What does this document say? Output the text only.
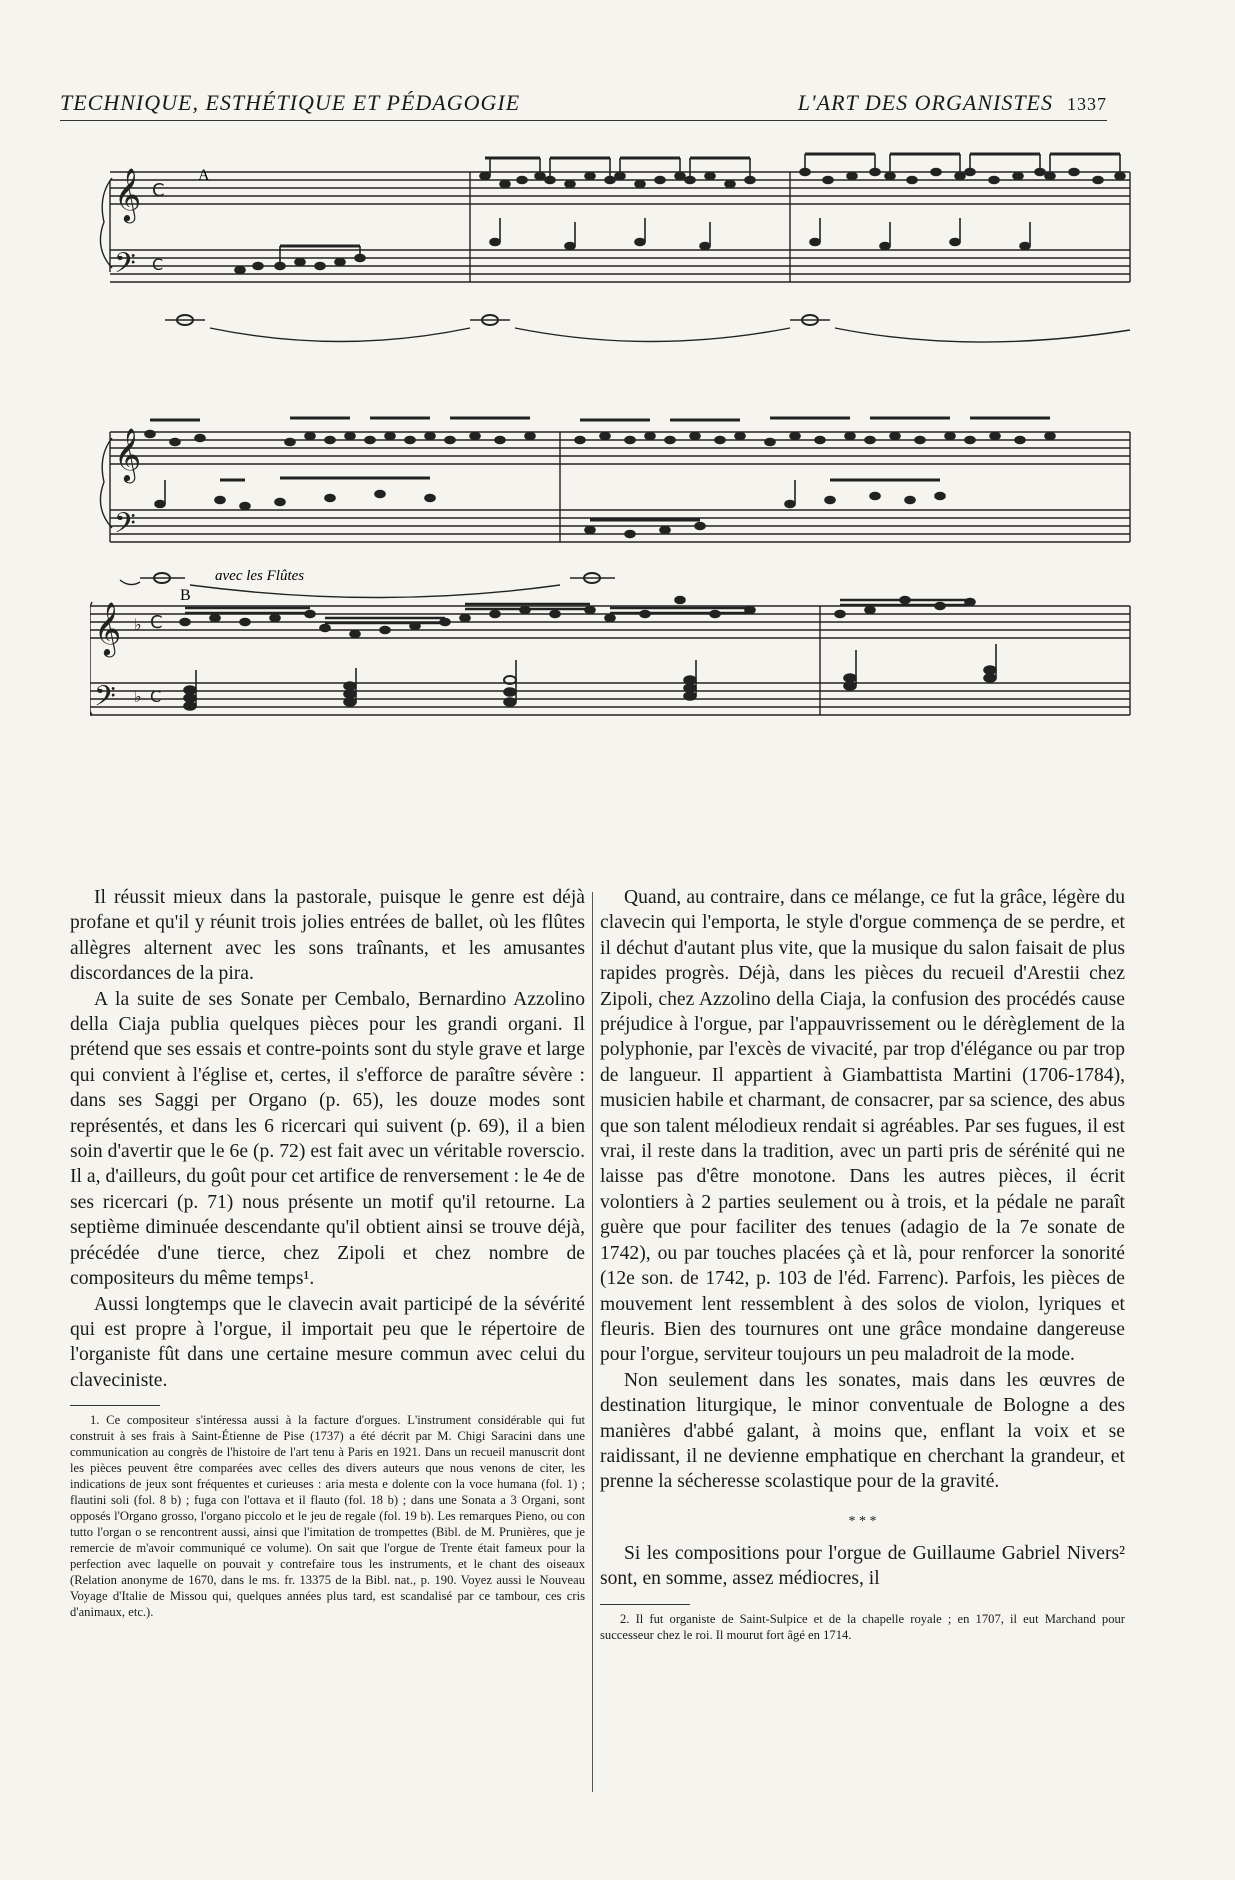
TECHNIQUE, ESTHÉTIQUE ET PÉDAGOGIE	L'ART DES ORGANISTES 1337
𝄞
𝄢
𝄞
𝄢
𝄞
𝄢
C
C
♭
♭
C
C
A
B
avec les Flûtes

Il réussit mieux dans la pastorale, puisque le genre est déjà profane et qu'il y réunit trois jolies entrées de ballet, où les flûtes allègres alternent avec les sons traînants, et les amusantes discordances de la pira.

A la suite de ses Sonate per Cembalo, Bernardino Azzolino della Ciaja publia quelques pièces pour les grandi organi. Il prétend que ses essais et contre-points sont du style grave et large qui convient à l'église et, certes, il s'efforce de paraître sévère : dans ses Saggi per Organo (p. 65), les douze modes sont représentés, et dans les 6 ricercari qui suivent (p. 69), il a bien soin d'avertir que le 6e (p. 72) est fait avec un véritable roverscio. Il a, d'ailleurs, du goût pour cet artifice de renversement : le 4e de ses ricercari (p. 71) nous présente un motif qu'il retourne. La septième diminuée descendante qu'il obtient ainsi se trouve déjà, précédée d'une tierce, chez Zipoli et chez nombre de compositeurs du même temps¹.

Aussi longtemps que le clavecin avait participé de la sévérité qui est propre à l'orgue, il importait peu que le répertoire de l'organiste fût dans une certaine mesure commun avec celui du claveciniste.

1. Ce compositeur s'intéressa aussi à la facture d'orgues. L'instrument considérable qui fut construit à ses frais à Saint-Étienne de Pise (1737) a été décrit par M. Chigi Saracini dans une communication au congrès de l'histoire de l'art tenu à Paris en 1921. Dans un recueil manuscrit dont les pièces peuvent être comparées avec celles des divers auteurs que nous venons de citer, les indications de jeux sont fréquentes et curieuses : aria mesta e dolente con la voce humana (fol. 1) ; flautini soli (fol. 8 b) ; fuga con l'ottava et il flauto (fol. 18 b) ; dans une Sonata a 3 Organi, sont opposés l'Organo grosso, l'organo piccolo et le jeu de regale (fol. 19 b). Les remarques Pieno, ou con tutto l'organ o se rencontrent aussi, ainsi que l'imitation de trompettes (Bibl. de M. Prunières, que je remercie de m'avoir communiqué ce volume). On sait que l'orgue de Trente était fameux pour la perfection avec laquelle on pouvait y contrefaire tous les instruments, et le chant des oiseaux (Relation anonyme de 1670, dans le ms. fr. 13375 de la Bibl. nat., p. 190. Voyez aussi le Nouveau Voyage d'Italie de Missou qui, quelques années plus tard, est scandalisé par ce tambour, ces cris d'animaux, etc.).

Quand, au contraire, dans ce mélange, ce fut la grâce, légère du clavecin qui l'emporta, le style d'orgue commença de se perdre, et il déchut d'autant plus vite, que la musique du salon faisait de plus rapides progrès. Déjà, dans les pièces du recueil d'Arestii chez Zipoli, chez Azzolino della Ciaja, la confusion des procédés cause préjudice à l'orgue, par l'appauvrissement ou le dérèglement de la polyphonie, par l'excès de vivacité, par trop d'élégance ou par trop de langueur. Il appartient à Giambattista Martini (1706-1784), musicien habile et charmant, de consacrer, par sa science, des abus que son talent mélodieux rendait si agréables. Par ses fugues, il est vrai, il reste dans la tradition, avec un parti pris de sérénité qui ne laisse pas d'être monotone. Dans les autres pièces, il écrit volontiers à 2 parties seulement ou à trois, et la pédale ne paraît guère que pour faciliter des tenues (adagio de la 7e sonate de 1742), ou par touches placées çà et là, pour renforcer la sonorité (12e son. de 1742, p. 103 de l'éd. Farrenc). Parfois, les pièces de mouvement lent ressemblent à des solos de violon, lyriques et fleuris. Bien des tournures ont une grâce mondaine dangereuse pour l'orgue, serviteur toujours un peu maladroit de la mode.

Non seulement dans les sonates, mais dans les œuvres de destination liturgique, le minor conventuale de Bologne a des manières d'abbé galant, à moins que, enflant la voix et se raidissant, il ne devienne emphatique en cherchant la grandeur, et prenne la sécheresse scolastique pour de la gravité.

* * *

Si les compositions pour l'orgue de Guillaume Gabriel Nivers² sont, en somme, assez médiocres, il

2. Il fut organiste de Saint-Sulpice et de la chapelle royale ; en 1707, il eut Marchand pour successeur chez le roi. Il mourut fort âgé en 1714.
